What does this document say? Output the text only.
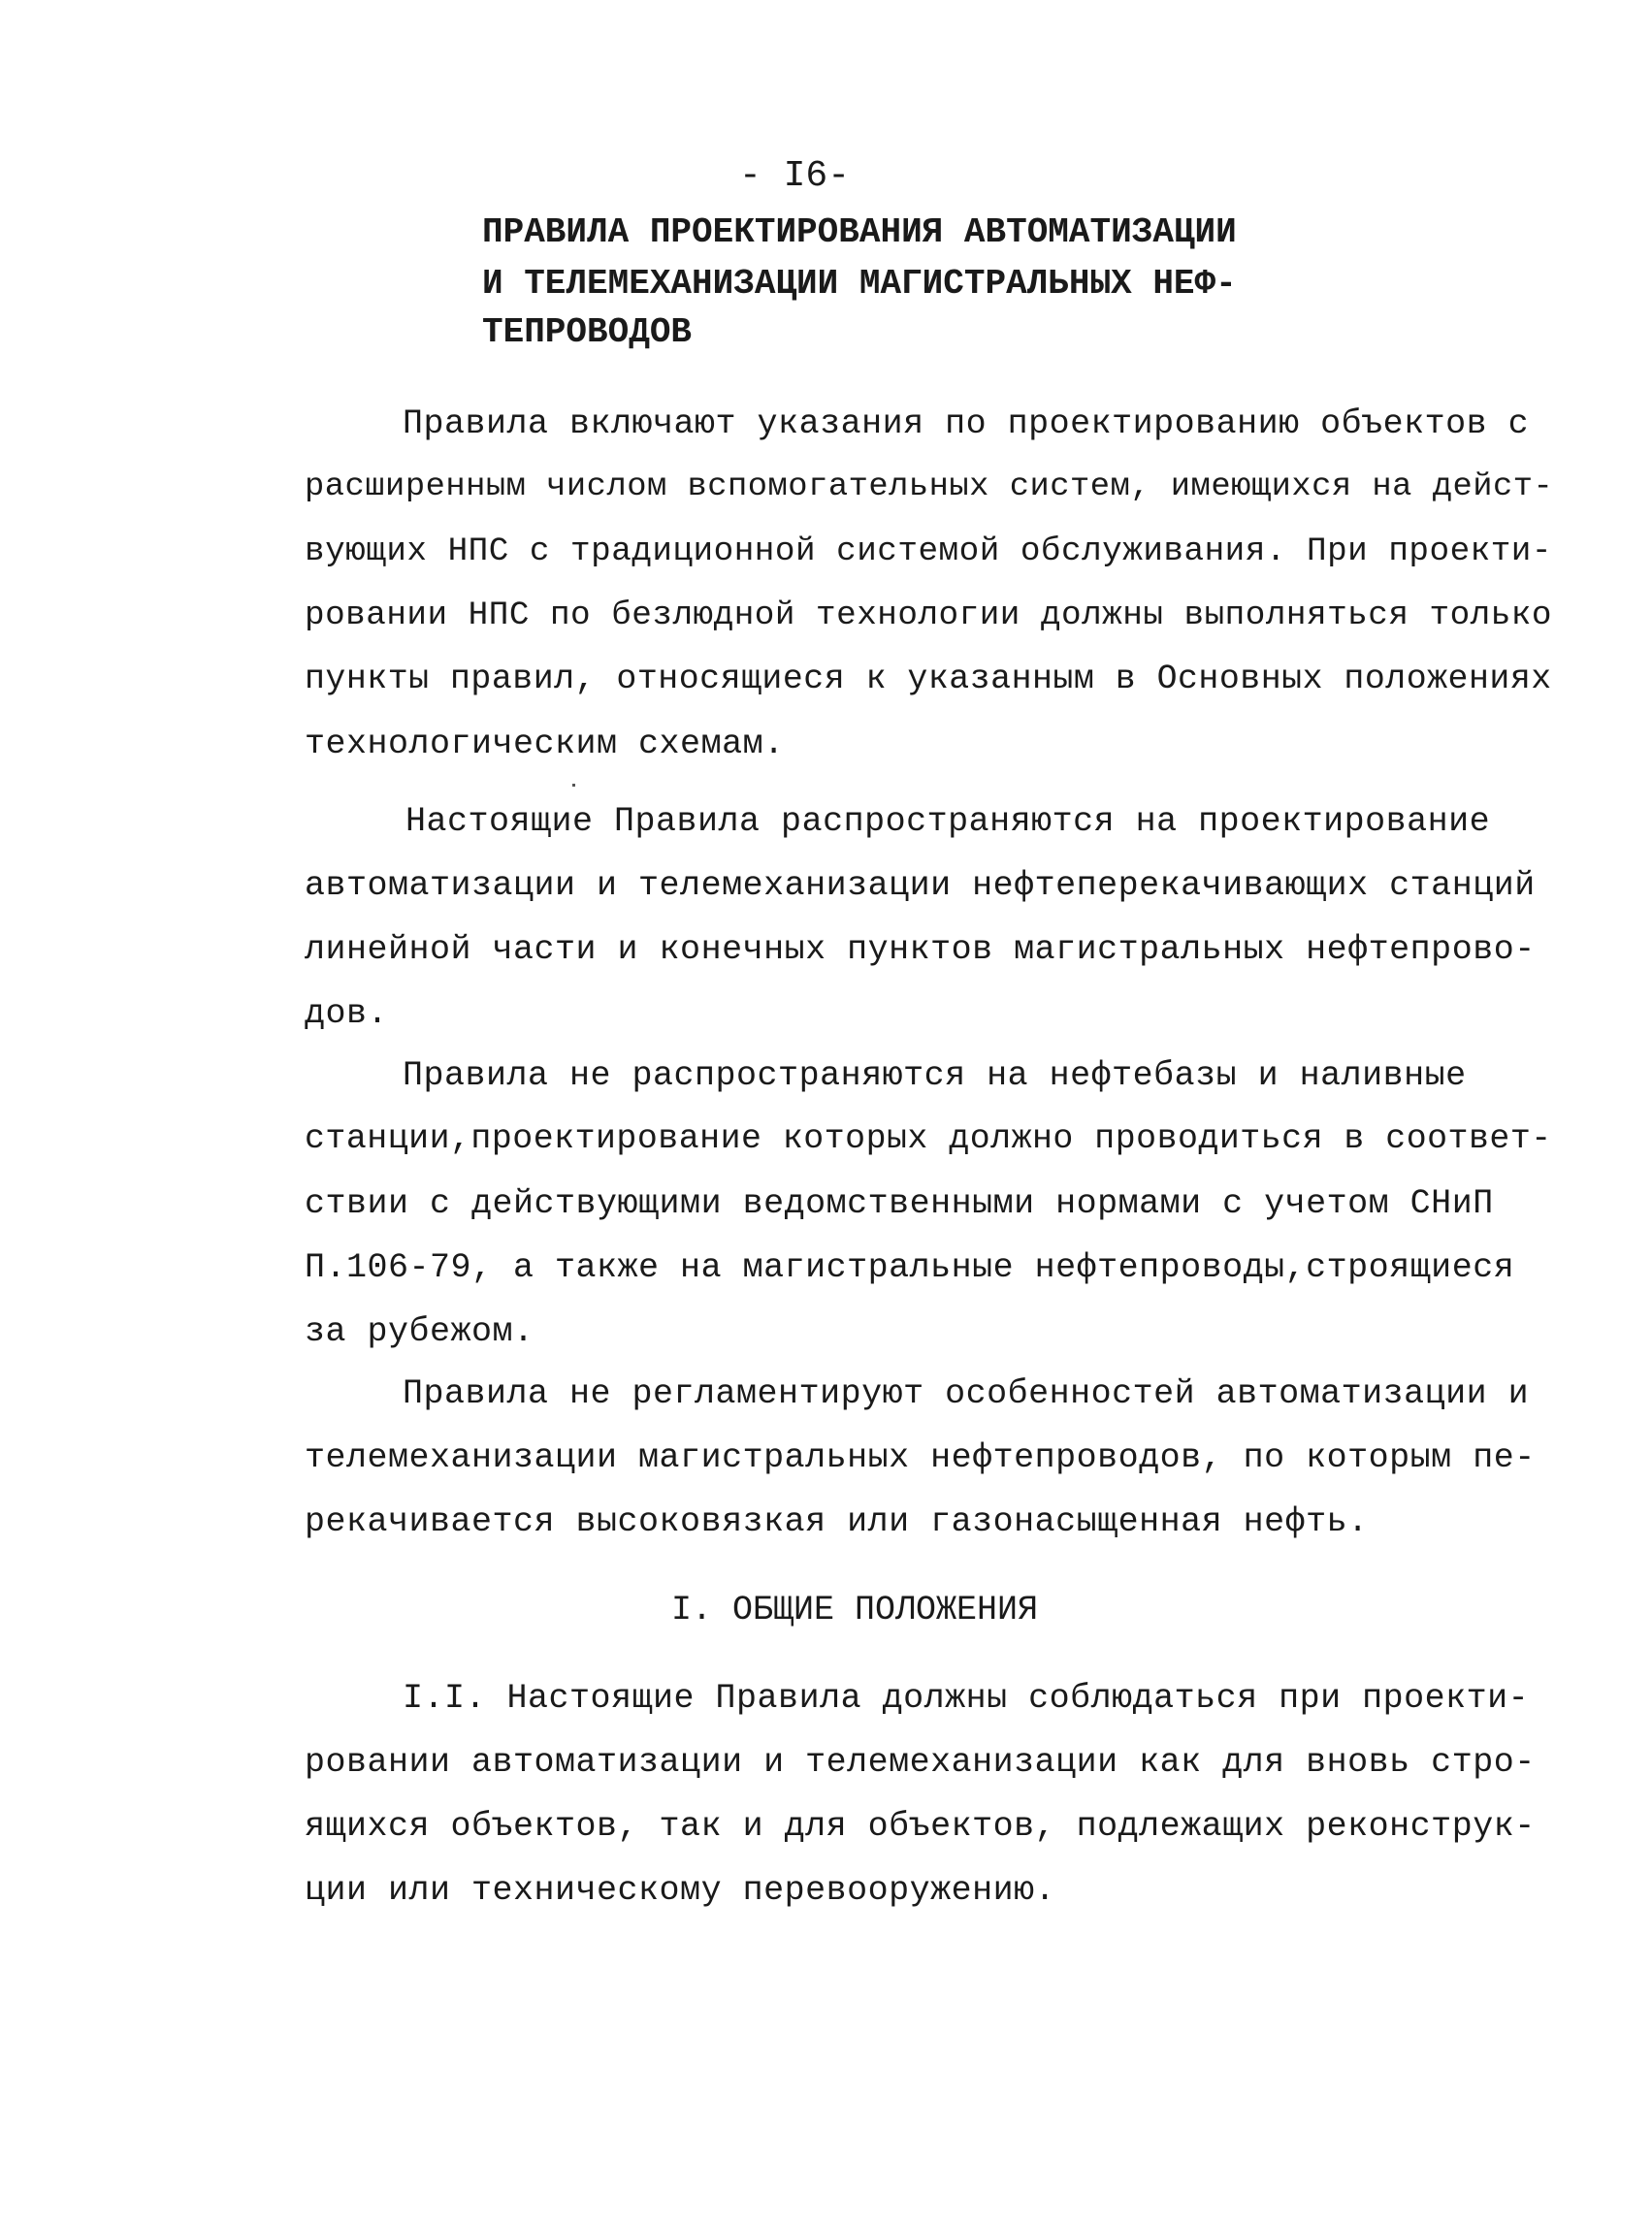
- I6-
ПРАВИЛА ПРОЕКТИРОВАНИЯ АВТОМАТИЗАЦИИ
И ТЕЛЕМЕХАНИЗАЦИИ МАГИСТРАЛЬНЫХ НЕФ-
ТЕПРОВОДОВ
Правила включают указания по проектированию объектов с
расширенным числом вспомогательных систем, имеющихся на дейст-
вующих НПС с традиционной системой обслуживания. При проекти-
ровании НПС по безлюдной технологии должны выполняться только
пункты правил, относящиеся к указанным в Основных положениях
технологическим схемам.
Настоящие Правила распространяются на проектирование
автоматизации и телемеханизации нефтеперекачивающих станций
линейной части и конечных пунктов магистральных нефтепрово-
дов.
Правила не распространяются на нефтебазы и наливные
станции,проектирование которых должно проводиться в соответ-
ствии с действующими ведомственными нормами с учетом СНиП
П.106-79, а также на магистральные нефтепроводы,строящиеся
за рубежом.
Правила не регламентируют особенностей автоматизации и
телемеханизации магистральных нефтепроводов, по которым пе-
рекачивается высоковязкая или газонасыщенная нефть.
I. ОБЩИЕ ПОЛОЖЕНИЯ
I.I. Настоящие Правила должны соблюдаться при проекти-
ровании автоматизации и телемеханизации как для вновь стро-
ящихся объектов, так и для объектов, подлежащих реконструк-
ции или техническому перевооружению.
